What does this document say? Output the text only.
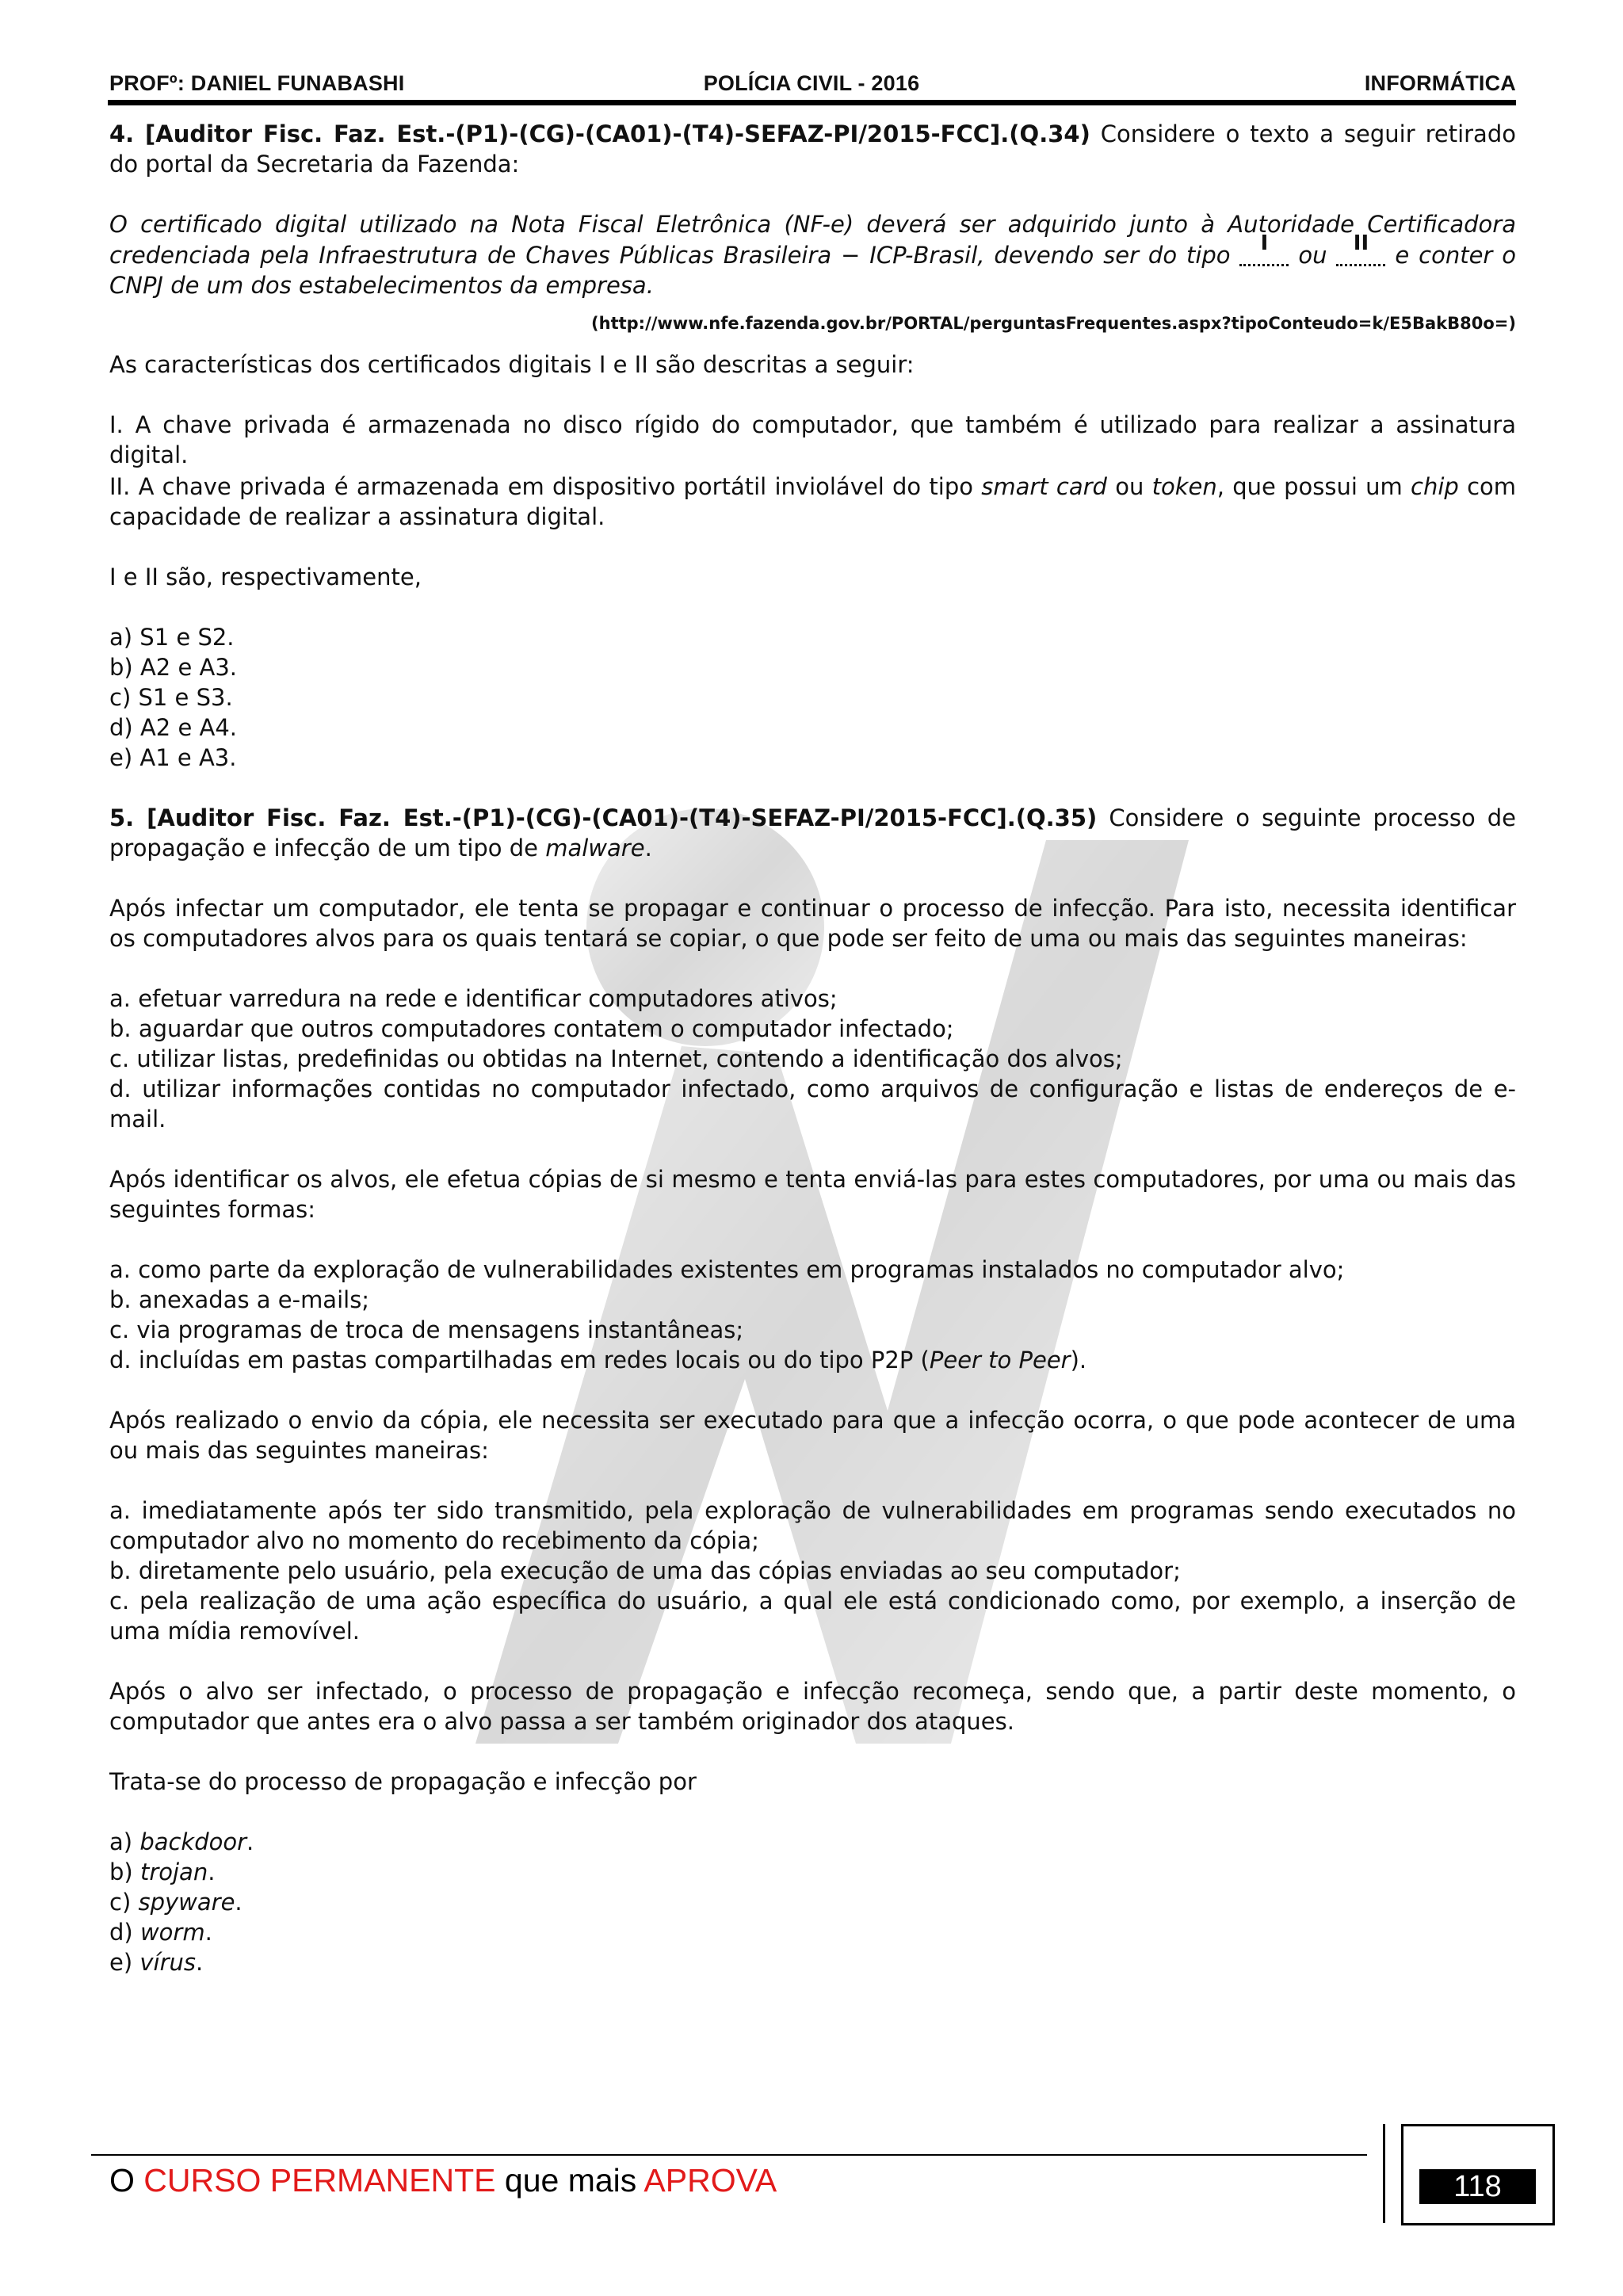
PROFº: DANIEL FUNABASHI	POLÍCIA CIVIL - 2016	INFORMÁTICA

4. [Auditor Fisc. Faz. Est.-(P1)-(CG)-(CA01)-(T4)-SEFAZ-PI/2015-FCC].(Q.34) Considere o texto a seguir retirado do portal da Secretaria da Fazenda:

O certificado digital utilizado na Nota Fiscal Eletrônica (NF-e) deverá ser adquirido junto à Autoridade Certificadora credenciada pela Infraestrutura de Chaves Públicas Brasileira − ICP-Brasil, devendo ser do tipo	I ou II e conter o CNPJ de um dos estabelecimentos da empresa.

(http://www.nfe.fazenda.gov.br/PORTAL/perguntasFrequentes.aspx?tipoConteudo=k/E5BakB80o=)

As características dos certificados digitais I e II são descritas a seguir:

I. A chave privada é armazenada no disco rígido do computador, que também é utilizado para realizar a assinatura digital.

II. A chave privada é armazenada em dispositivo portátil inviolável do tipo smart card ou token, que possui um chip com capacidade de realizar a assinatura digital.

I e II são, respectivamente,

a) S1 e S2.

b) A2 e A3.

c) S1 e S3.

d) A2 e A4.

e) A1 e A3.

5. [Auditor Fisc. Faz. Est.-(P1)-(CG)-(CA01)-(T4)-SEFAZ-PI/2015-FCC].(Q.35) Considere o seguinte processo de propagação e infecção de um tipo de malware.

Após infectar um computador, ele tenta se propagar e continuar o processo de infecção. Para isto, necessita identificar os computadores alvos para os quais tentará se copiar, o que pode ser feito de uma ou mais das seguintes maneiras:

a. efetuar varredura na rede e identificar computadores ativos;

b. aguardar que outros computadores contatem o computador infectado;

c. utilizar listas, predefinidas ou obtidas na Internet, contendo a identificação dos alvos;

d. utilizar informações contidas no computador infectado, como arquivos de configuração e listas de endereços de e-mail.

Após identificar os alvos, ele efetua cópias de si mesmo e tenta enviá-las para estes computadores, por uma ou mais das seguintes formas:

a. como parte da exploração de vulnerabilidades existentes em programas instalados no computador alvo;

b. anexadas a e-mails;

c. via programas de troca de mensagens instantâneas;

d. incluídas em pastas compartilhadas em redes locais ou do tipo P2P (Peer to Peer).

Após realizado o envio da cópia, ele necessita ser executado para que a infecção ocorra, o que pode acontecer de uma ou mais das seguintes maneiras:

a. imediatamente após ter sido transmitido, pela exploração de vulnerabilidades em programas sendo executados no computador alvo no momento do recebimento da cópia;

b. diretamente pelo usuário, pela execução de uma das cópias enviadas ao seu computador;

c. pela realização de uma ação específica do usuário, a qual ele está condicionado como, por exemplo, a inserção de uma mídia removível.

Após o alvo ser infectado, o processo de propagação e infecção recomeça, sendo que, a partir deste momento, o computador que antes era o alvo passa a ser também originador dos ataques.

Trata-se do processo de propagação e infecção por

a) backdoor.

b) trojan.

c) spyware.

d) worm.

e) vírus.

O CURSO PERMANENTE que mais APROVA	118
